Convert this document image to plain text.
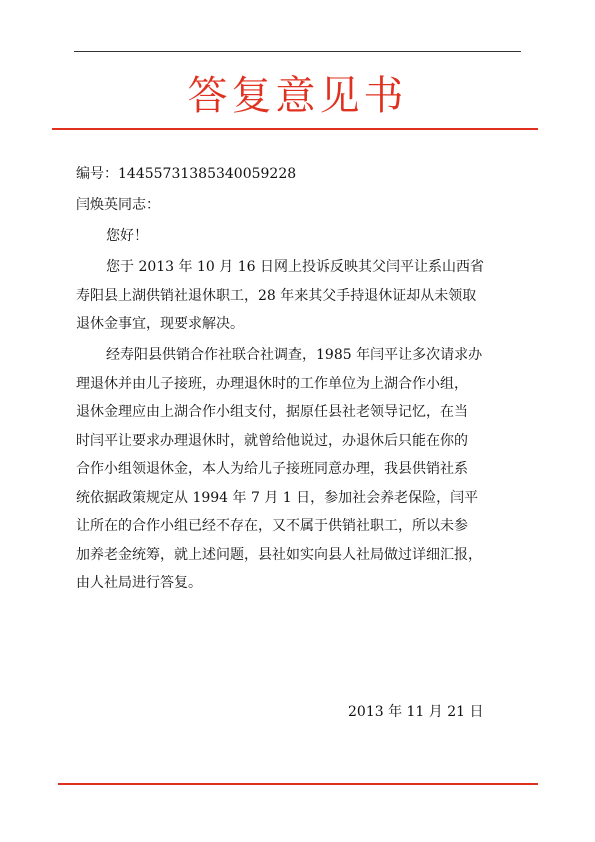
答复意见书
编号：14455731385340059228
闫焕英同志：
您好！
您于 2013 年 10 月 16 日网上投诉反映其父闫平让系山西省
寿阳县上湖供销社退休职工，28 年来其父手持退休证却从未领取
退休金事宜，现要求解决。
经寿阳县供销合作社联合社调查，1985 年闫平让多次请求办
理退休并由儿子接班，办理退休时的工作单位为上湖合作小组，
退休金理应由上湖合作小组支付，据原任县社老领导记忆，在当
时闫平让要求办理退休时，就曾给他说过，办退休后只能在你的
合作小组领退休金，本人为给儿子接班同意办理，我县供销社系
统依据政策规定从 1994 年 7 月 1 日，参加社会养老保险，闫平
让所在的合作小组已经不存在，又不属于供销社职工，所以未参
加养老金统筹，就上述问题，县社如实向县人社局做过详细汇报，
由人社局进行答复。
2013 年 11 月 21 日
